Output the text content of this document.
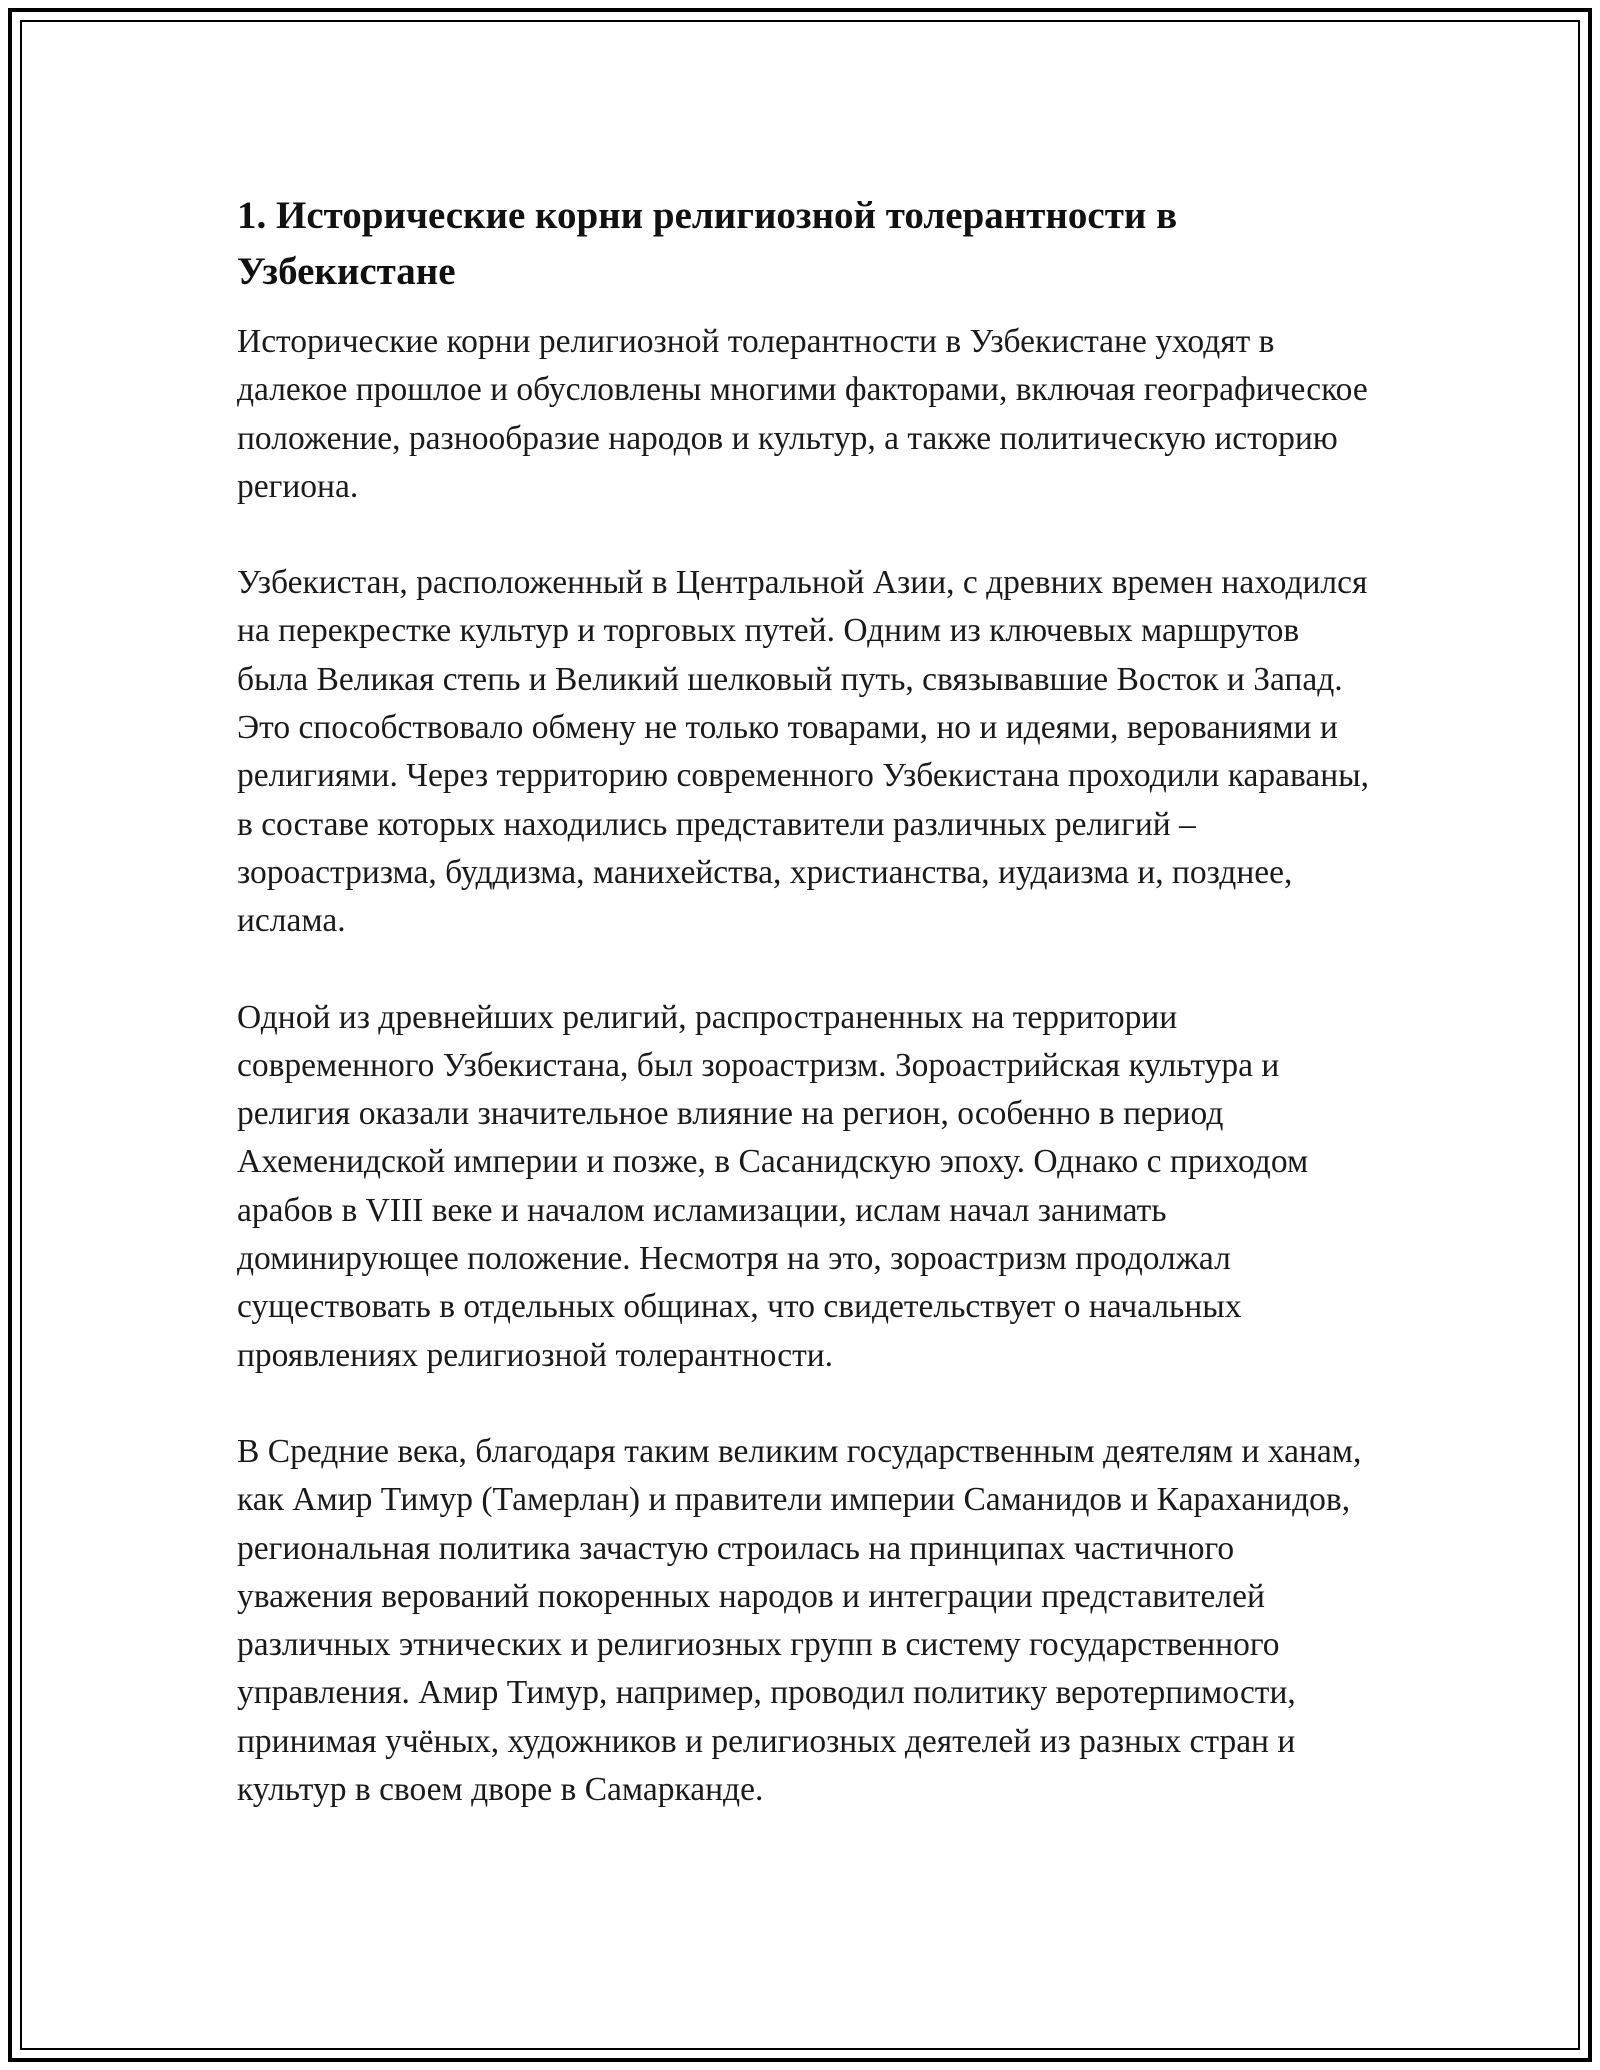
1. Исторические корни религиозной толерантности в Узбекистане

Исторические корни религиозной толерантности в Узбекистане уходят в далекое прошлое и обусловлены многими факторами, включая географическое положение, разнообразие народов и культур, а также политическую историю региона.

Узбекистан, расположенный в Центральной Азии, с древних времен находился на перекрестке культур и торговых путей. Одним из ключевых маршрутов была Великая степь и Великий шелковый путь, связывавшие Восток и Запад. Это способствовало обмену не только товарами, но и идеями, верованиями и религиями. Через территорию современного Узбекистана проходили караваны, в составе которых находились представители различных религий – зороастризма, буддизма, манихейства, христианства, иудаизма и, позднее, ислама.

Одной из древнейших религий, распространенных на территории современного Узбекистана, был зороастризм. Зороастрийская культура и религия оказали значительное влияние на регион, особенно в период Ахеменидской империи и позже, в Сасанидскую эпоху. Однако с приходом арабов в VIII веке и началом исламизации, ислам начал занимать доминирующее положение. Несмотря на это, зороастризм продолжал существовать в отдельных общинах, что свидетельствует о начальных проявлениях религиозной толерантности.

В Средние века, благодаря таким великим государственным деятелям и ханам, как Амир Тимур (Тамерлан) и правители империи Саманидов и Караханидов, региональная политика зачастую строилась на принципах частичного уважения верований покоренных народов и интеграции представителей различных этнических и религиозных групп в систему государственного управления. Амир Тимур, например, проводил политику веротерпимости, принимая учёных, художников и религиозных деятелей из разных стран и культур в своем дворе в Самарканде.
